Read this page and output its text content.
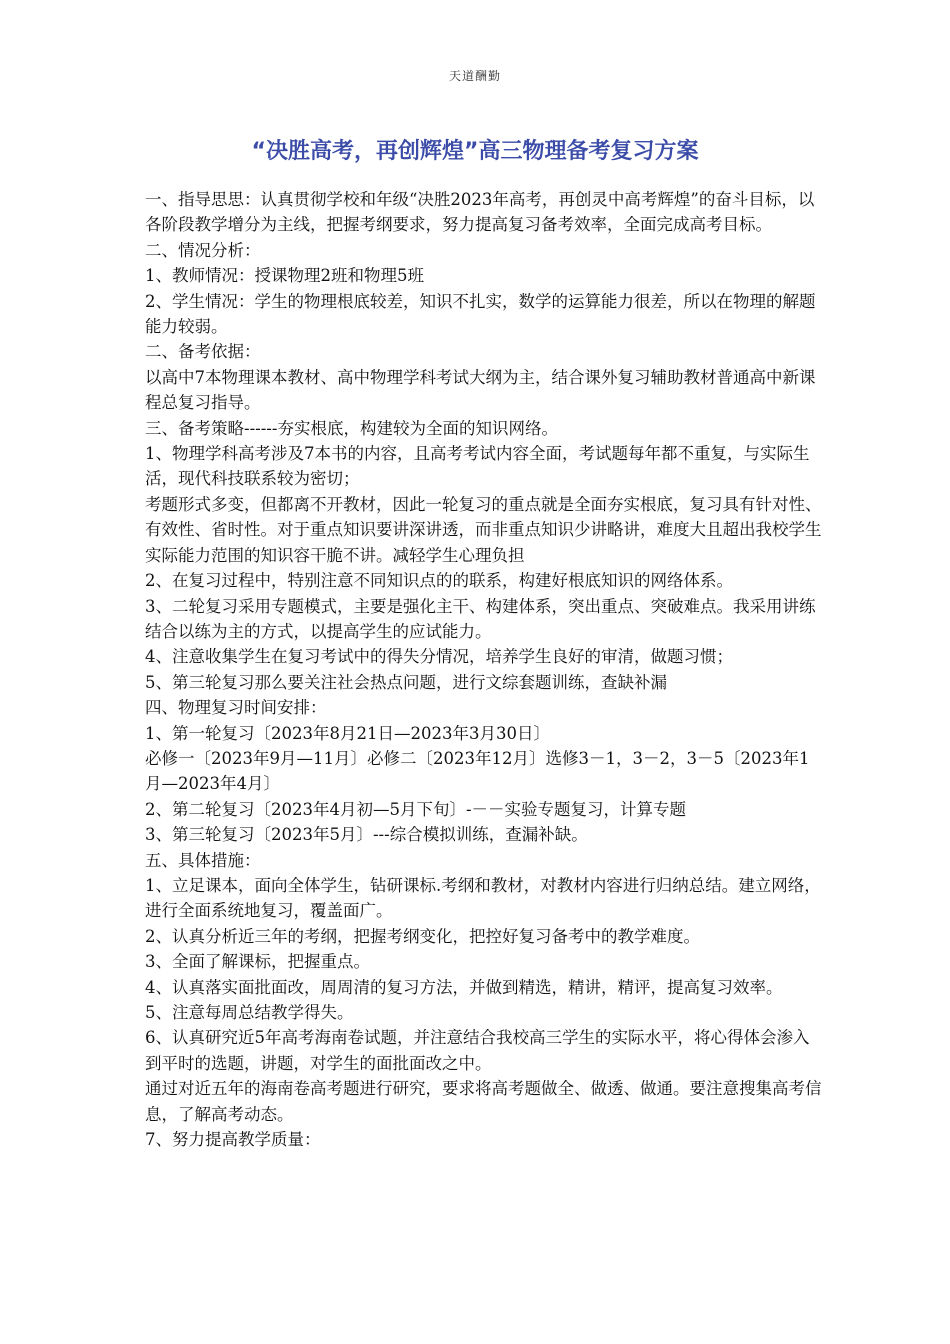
天道酬勤
“决胜高考，再创辉煌”高三物理备考复习方案

一、指导思思：认真贯彻学校和年级“决胜2023年高考，再创灵中高考辉煌”的奋斗目标，以各阶段教学增分为主线，把握考纲要求，努力提高复习备考效率，全面完成高考目标。

二、情况分析：

1、教师情况：授课物理2班和物理5班

2、学生情况：学生的物理根底较差，知识不扎实，数学的运算能力很差，所以在物理的解题能力较弱。

二、备考依据：

以高中7本物理课本教材、高中物理学科考试大纲为主，结合课外复习辅助教材普通高中新课程总复习指导。

三、备考策略------夯实根底，构建较为全面的知识网络。

1、物理学科高考涉及7本书的内容，且高考考试内容全面，考试题每年都不重复，与实际生活，现代科技联系较为密切；

考题形式多变，但都离不开教材，因此一轮复习的重点就是全面夯实根底，复习具有针对性、有效性、省时性。对于重点知识要讲深讲透，而非重点知识少讲略讲，难度大且超出我校学生实际能力范围的知识容干脆不讲。减轻学生心理负担

2、在复习过程中，特别注意不同知识点的的联系，构建好根底知识的网络体系。

3、二轮复习采用专题模式，主要是强化主干、构建体系，突出重点、突破难点。我采用讲练结合以练为主的方式，以提高学生的应试能力。

4、注意收集学生在复习考试中的得失分情况，培养学生良好的审清，做题习惯；

5、第三轮复习那么要关注社会热点问题，进行文综套题训练，查缺补漏

四、物理复习时间安排：

1、第一轮复习〔2023年8月21日—2023年3月30日〕

必修一〔2023年9月—11月〕必修二〔2023年12月〕选修3－1，3－2，3－5〔2023年1月—2023年4月〕

2、第二轮复习〔2023年4月初—5月下旬〕-－－实验专题复习，计算专题

3、第三轮复习〔2023年5月〕---综合模拟训练，查漏补缺。

五、具体措施：

1、立足课本，面向全体学生，钻研课标.考纲和教材，对教材内容进行归纳总结。建立网络，进行全面系统地复习，覆盖面广。

2、认真分析近三年的考纲，把握考纲变化，把控好复习备考中的教学难度。

3、全面了解课标，把握重点。

4、认真落实面批面改，周周清的复习方法，并做到精选，精讲，精评，提高复习效率。

5、注意每周总结教学得失。

6、认真研究近5年高考海南卷试题，并注意结合我校高三学生的实际水平，将心得体会渗入到平时的选题，讲题，对学生的面批面改之中。

通过对近五年的海南卷高考题进行研究，要求将高考题做全、做透、做通。要注意搜集高考信息，了解高考动态。

7、努力提高教学质量：
